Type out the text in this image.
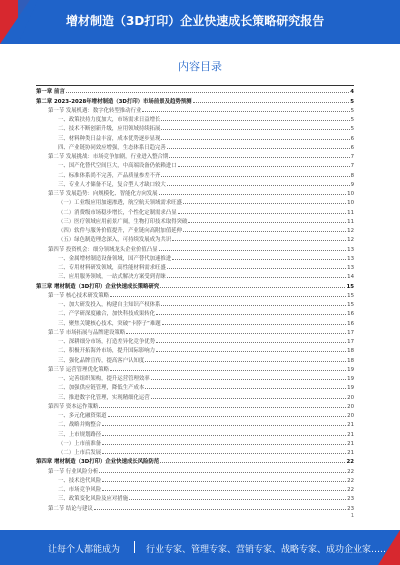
增材制造（3D打印）企业快速成长策略研究报告
内容目录
第一章 前言	4
第二章 2023-2028年增材制造（3D打印）市场前景及趋势预测	5
第一节 发展机遇：数字化转型推动行业	5
一、政策扶持力度加大，市场需求日益增长	5
二、技术不断创新升级，应用领域持续拓展	5
三、材料种类日益丰富，成本优势逐步显现	6
四、产业链协同效应增强，生态体系日趋完善	6
第二节 发展挑战：市场竞争加剧，行业进入整合期	7
一、国产化替代空间巨大，中高端设备仍依赖进口	7
二、标准体系尚不完善，产品质量参差不齐	8
三、专业人才储备不足，复合型人才缺口较大	9
第三节 发展趋势：向规模化、智能化方向发展	10
（一）工业级应用加速渗透，航空航天领域需求旺盛	10
（二）消费级市场稳步增长，个性化定制需求凸显	11
（三）医疗领域应用前景广阔，生物打印技术取得突破	11
（四）软件与服务价值提升，产业链向高附加值延伸	12
（五）绿色制造理念深入，可持续发展成为共识	12
第四节 投资机会：细分领域龙头企业价值凸显	13
一、金属增材制造设备领域，国产替代加速推进	13
二、专用材料研发领域，高性能材料需求旺盛	13
三、应用服务领域，一站式解决方案受到青睐	14
第三章 增材制造（3D打印）企业快速成长策略研究	15
第一节 核心技术研发策略	15
一、加大研发投入，构建自主知识产权体系	15
二、产学研深度融合，加快科技成果转化	16
三、聚焦关键核心技术，突破“卡脖子”难题	16
第二节 市场拓展与品牌建设策略	17
一、深耕细分市场，打造差异化竞争优势	17
二、积极开拓海外市场，提升国际影响力	18
三、强化品牌宣传，提高客户认知度	18
第三节 运营管理优化策略	19
一、完善组织架构，提升运营管理效率	19
二、加强供应链管理，降低生产成本	19
三、推进数字化管理，实现精细化运营	20
第四节 资本运作策略	20
一、多元化融资渠道	20
二、战略并购整合	21
三、上市规划路径	21
（一）上市前准备	21
（二）上市后发展	21
第四章 增材制造（3D打印）企业快速成长风险防范	22
第一节 行业风险分析	22
一、技术迭代风险	22
二、市场竞争风险	22
三、政策变化风险及应对措施	23
第二节 结论与建议	23
1
让每个人都能成为	行业专家、管理专家、营销专家、战略专家、成功企业家……
